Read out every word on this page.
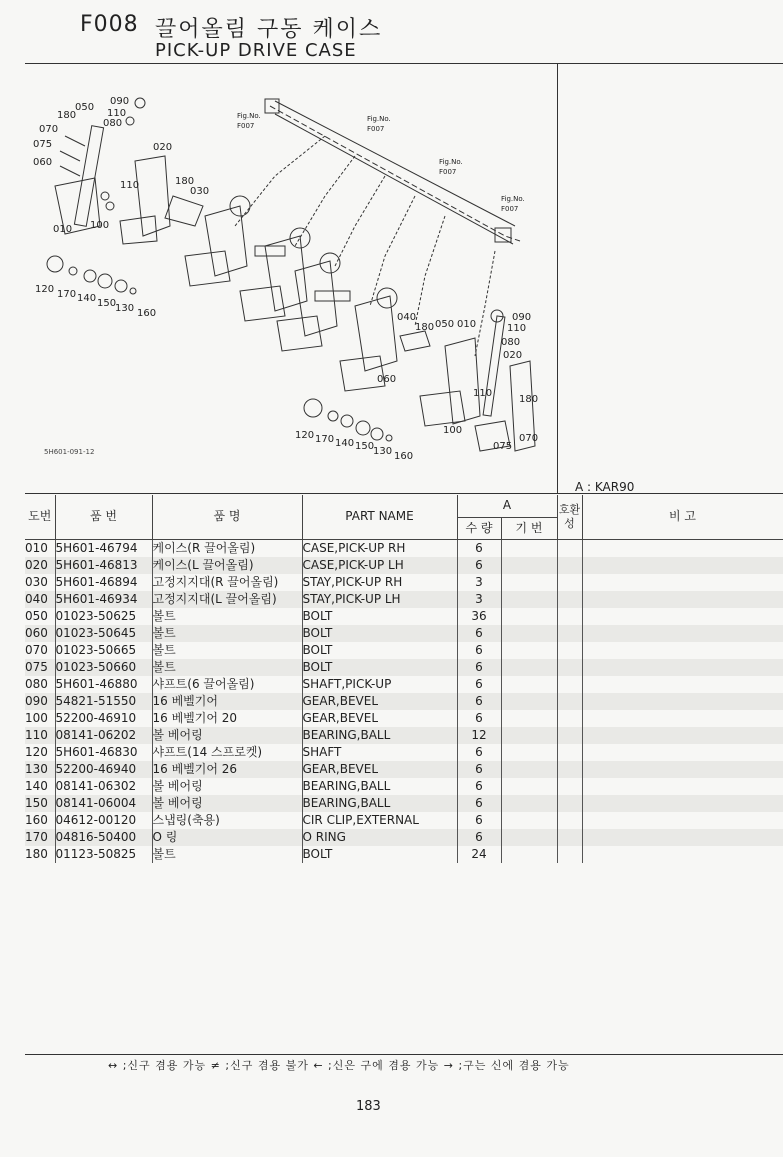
F008 끌어올림 구동 케이스
PICK-UP DRIVE CASE
Fig.No.
F007
Fig.No.
F007
Fig.No.
F007
Fig.No.
F007
090
050
110
180
080
070
075
060
020
110	180
030
010 100
120 170 140 150
130 160	090
040
180 050 010	110
080
020
060
110
180
100
075
070
120 170 140 150
130 160
5H601-091-12
A : KAR90
도번	품 번	품 명	PART NAME	A		호환성	비 고
				수 량	기 번		
010	5H601-46794	케이스(R 끌어올림)	CASE,PICK-UP RH	6			
020	5H601-46813	케이스(L 끌어올림)	CASE,PICK-UP LH	6			
030	5H601-46894	고정지지대(R 끌어올림)	STAY,PICK-UP RH	3			
040	5H601-46934	고정지지대(L 끌어올림)	STAY,PICK-UP LH	3			
050	01023-50625	볼트	BOLT	36			
060	01023-50645	볼트	BOLT	6			
070	01023-50665	볼트	BOLT	6			
075	01023-50660	볼트	BOLT	6			
080	5H601-46880	샤프트(6 끌어올림)	SHAFT,PICK-UP	6			
090	54821-51550	16 베벨기어	GEAR,BEVEL	6			
100	52200-46910	16 베벨기어 20	GEAR,BEVEL	6			
110	08141-06202	볼 베어링	BEARING,BALL	12			
120	5H601-46830	샤프트(14 스프로켓)	SHAFT	6			
130	52200-46940	16 베벨기어 26	GEAR,BEVEL	6			
140	08141-06302	볼 베어링	BEARING,BALL	6			
150	08141-06004	볼 베어링	BEARING,BALL	6			
160	04612-00120	스냅링(축용)	CIR CLIP,EXTERNAL	6			
170	04816-50400	O 링	O RING	6			
180	01123-50825	볼트	BOLT	24			
↔ ;신구 겸용 가능 ≠ ;신구 겸용 불가 ← ;신은 구에 겸용 가능 → ;구는 신에 겸용 가능
183
